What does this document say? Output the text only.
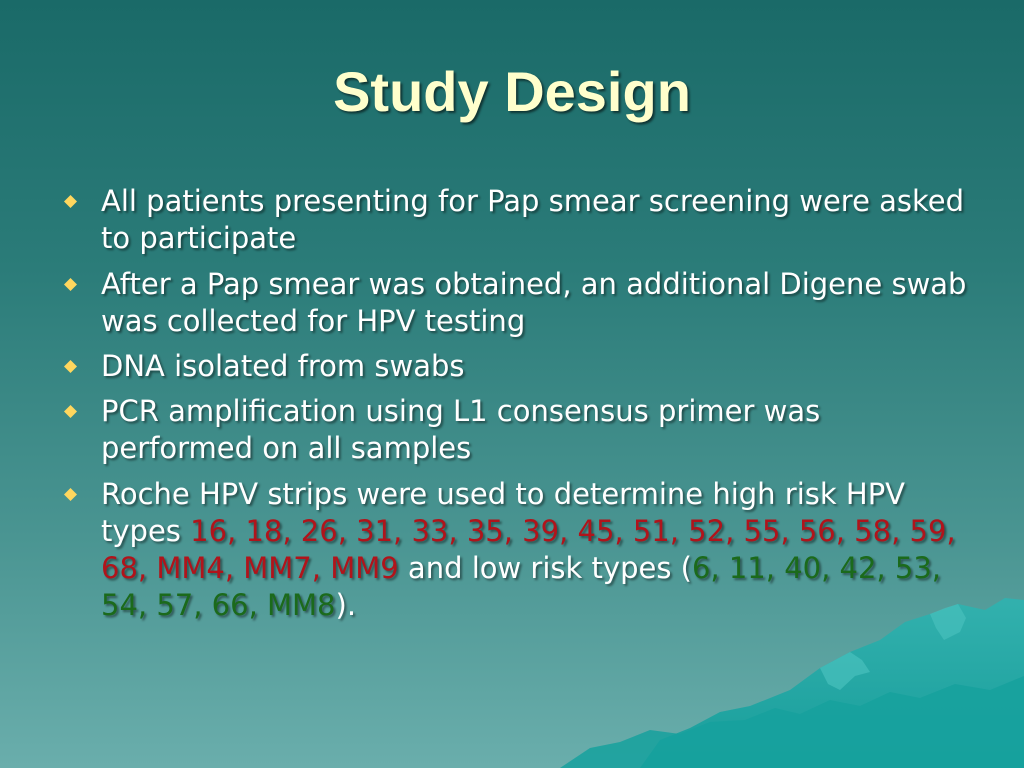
Study Design
All patients presenting for Pap smear screening were asked to participate
After a Pap smear was obtained, an additional Digene swab was collected for HPV testing
DNA isolated from swabs
PCR amplification using L1 consensus primer was performed on all samples
Roche HPV strips were used to determine high risk HPV types 16, 18, 26, 31, 33, 35, 39, 45, 51, 52, 55, 56, 58, 59, 68, MM4, MM7, MM9 and low risk types (6, 11, 40, 42, 53, 54, 57, 66, MM8).
